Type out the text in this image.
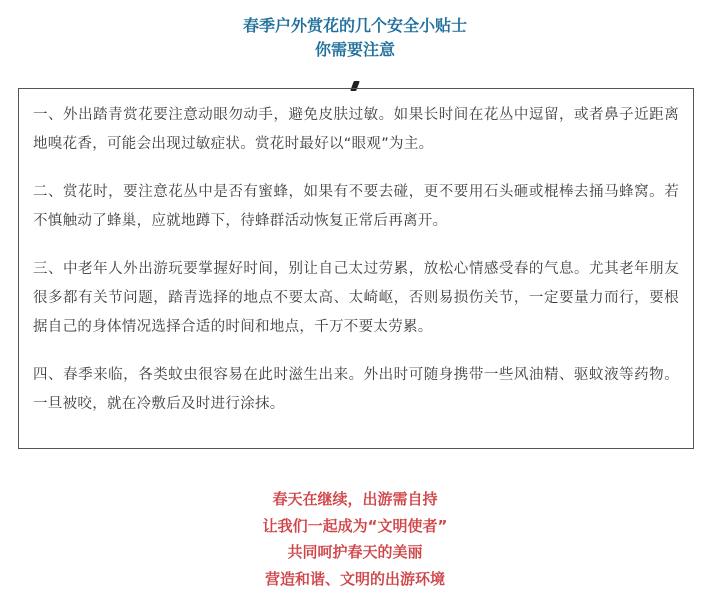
春季户外赏花的几个安全小贴士
你需要注意

一、外出踏青赏花要注意动眼勿动手，避免皮肤过敏。如果长时间在花丛中逗留，或者鼻子近距离地嗅花香，可能会出现过敏症状。赏花时最好以“眼观”为主。

二、赏花时，要注意花丛中是否有蜜蜂，如果有不要去碰，更不要用石头砸或棍棒去捅马蜂窝。若不慎触动了蜂巢，应就地蹲下，待蜂群活动恢复正常后再离开。

三、中老年人外出游玩要掌握好时间，别让自己太过劳累，放松心情感受春的气息。尤其老年朋友很多都有关节问题，踏青选择的地点不要太高、太崎岖，否则易损伤关节，一定要量力而行，要根据自己的身体情况选择合适的时间和地点，千万不要太劳累。

四、春季来临，各类蚊虫很容易在此时滋生出来。外出时可随身携带一些风油精、驱蚊液等药物。一旦被咬，就在冷敷后及时进行涂抹。

春天在继续，出游需自持
让我们一起成为“文明使者”
共同呵护春天的美丽
营造和谐、文明的出游环境
